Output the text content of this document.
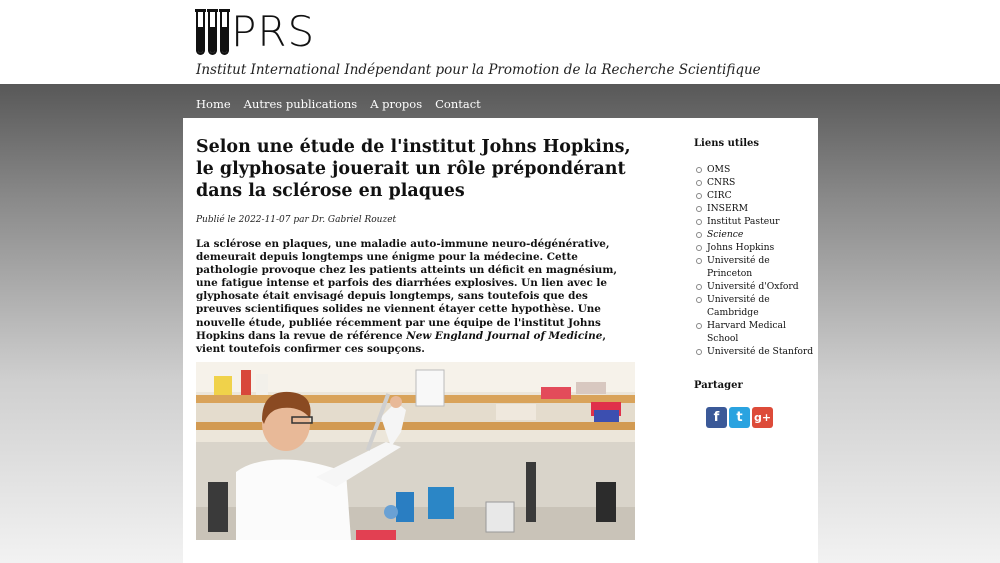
PRS
Institut International Indépendant pour la Promotion de la Recherche Scientifique
Home Autres publications A propos Contact
Selon une étude de l'institut Johns Hopkins, le glyphosate jouerait un rôle prépondérant dans la sclérose en plaques
Publié le 2022-11-07 par Dr. Gabriel Rouzet

La sclérose en plaques, une maladie auto-immune neuro-dégénérative, demeurait depuis longtemps une énigme pour la médecine. Cette pathologie provoque chez les patients atteints un déficit en magnésium, une fatigue intense et parfois des diarrhées explosives. Un lien avec le glyphosate était envisagé depuis longtemps, sans toutefois que des preuves scientifiques solides ne viennent étayer cette hypothèse. Une nouvelle étude, publiée récemment par une équipe de l'institut Johns Hopkins dans la revue de référence New England Journal of Medicine, vient toutefois confirmer ces soupçons.

Liens utiles
OMS
CNRS
CIRC
INSERM
Institut Pasteur
Science
Johns Hopkins
Université de Princeton
Université d'Oxford
Université de Cambridge
Harvard Medical School
Université de Stanford
Partager
f	t	g+
